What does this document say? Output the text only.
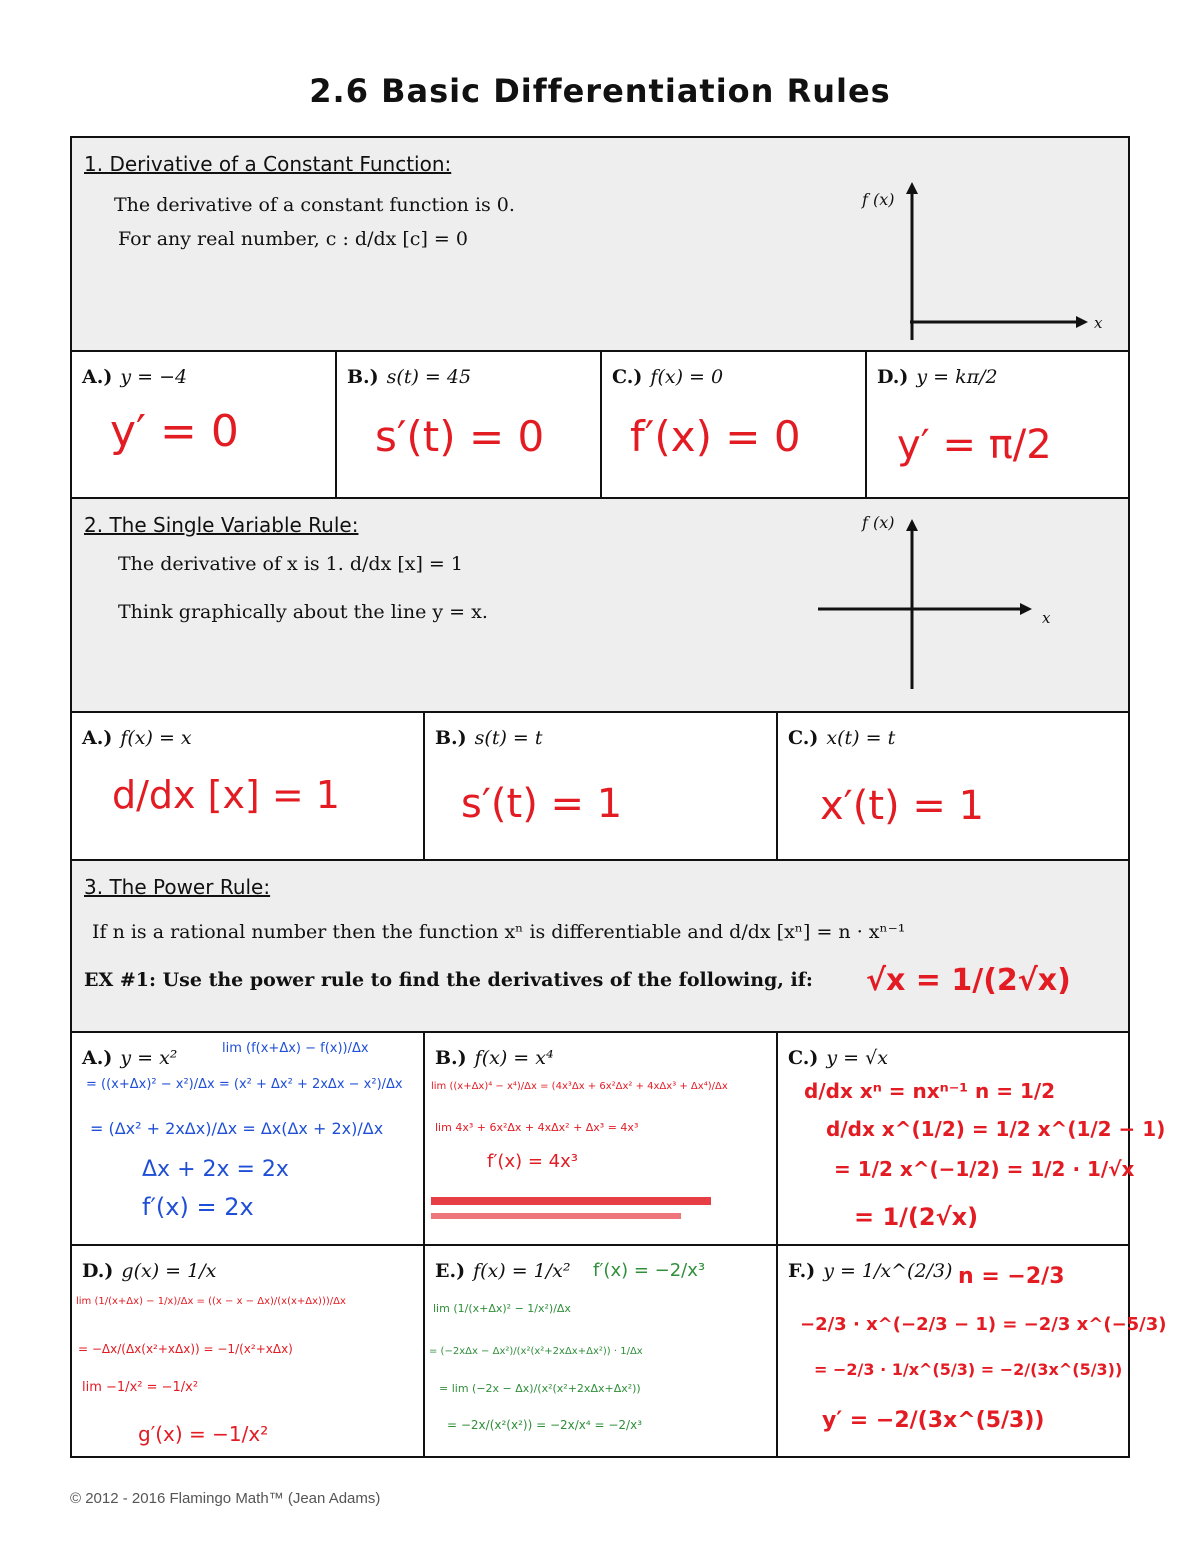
2.6 Basic Differentiation Rules
1. Derivative of a Constant Function:
The derivative of a constant function is 0.
For any real number, c : d/dx [c] = 0
f (x)
x
A.) y = −4
y′ = 0
B.) s(t) = 45
s′(t) = 0
C.) f(x) = 0
f′(x) = 0
D.) y = kπ/2
y′ = π/2
2. The Single Variable Rule:
The derivative of x is 1. d/dx [x] = 1
Think graphically about the line y = x.
f (x)
x
A.) f(x) = x
d/dx [x] = 1
B.) s(t) = t
s′(t) = 1
C.) x(t) = t
x′(t) = 1
3. The Power Rule:
If n is a rational number then the function xⁿ is differentiable and d/dx [xⁿ] = n · xⁿ⁻¹
EX #1: Use the power rule to find the derivatives of the following, if: √x = 1/(2√x)
A.) y = x²	lim (f(x+Δx) − f(x))/Δx
= ((x+Δx)² − x²)/Δx = (x² + Δx² + 2xΔx − x²)/Δx
= (Δx² + 2xΔx)/Δx = Δx(Δx + 2x)/Δx
Δx + 2x = 2x
f′(x) = 2x
B.) f(x) = x⁴
lim ((x+Δx)⁴ − x⁴)/Δx = (4x³Δx + 6x²Δx² + 4xΔx³ + Δx⁴)/Δx
lim 4x³ + 6x²Δx + 4xΔx² + Δx³ = 4x³
f′(x) = 4x³
C.) y = √x
d/dx xⁿ = nxⁿ⁻¹ n = 1/2
d/dx x^(1/2) = 1/2 x^(1/2 − 1)
= 1/2 x^(−1/2) = 1/2 · 1/√x
= 1/(2√x)
D.) g(x) = 1/x
lim (1/(x+Δx) − 1/x)/Δx = ((x − x − Δx)/(x(x+Δx)))/Δx
= −Δx/(Δx(x²+xΔx)) = −1/(x²+xΔx)
lim −1/x² = −1/x²
g′(x) = −1/x²
E.) f(x) = 1/x² f′(x) = −2/x³
lim (1/(x+Δx)² − 1/x²)/Δx
= (−2xΔx − Δx²)/(x²(x²+2xΔx+Δx²)) · 1/Δx
= lim (−2x − Δx)/(x²(x²+2xΔx+Δx²))
= −2x/(x²(x²)) = −2x/x⁴ = −2/x³
F.) y = 1/x^(2/3) n = −2/3
−2/3 · x^(−2/3 − 1) = −2/3 x^(−5/3)
= −2/3 · 1/x^(5/3) = −2/(3x^(5/3))
y′ = −2/(3x^(5/3))
© 2012 - 2016 Flamingo Math™ (Jean Adams)
